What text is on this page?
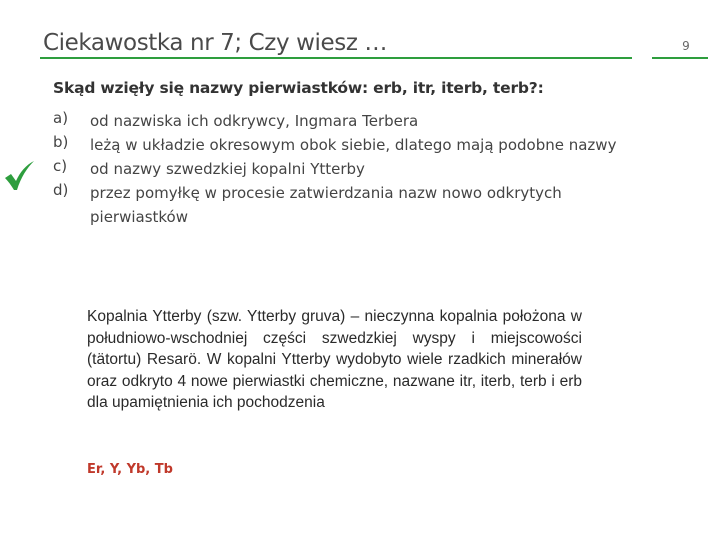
Ciekawostka nr 7; Czy wiesz …	9
Skąd wzięły się nazwy pierwiastków: erb, itr, iterb, terb?:
a)	od nazwiska ich odkrywcy, Ingmara Terbera
b)	leżą w układzie okresowym obok siebie, dlatego mają podobne nazwy
c)	od nazwy szwedzkiej kopalni Ytterby
d)	przez pomyłkę w procesie zatwierdzania nazw nowo odkrytych pierwiastków
Kopalnia Ytterby (szw. Ytterby gruva) – nieczynna kopalnia położona w południowo-wschodniej części szwedzkiej wyspy i miejscowości (tätortu) Resarö. W kopalni Ytterby wydobyto wiele rzadkich minerałów oraz odkryto 4 nowe pierwiastki chemiczne, nazwane itr, iterb, terb i erb dla upamiętnienia ich pochodzenia
Er, Y, Yb, Tb
